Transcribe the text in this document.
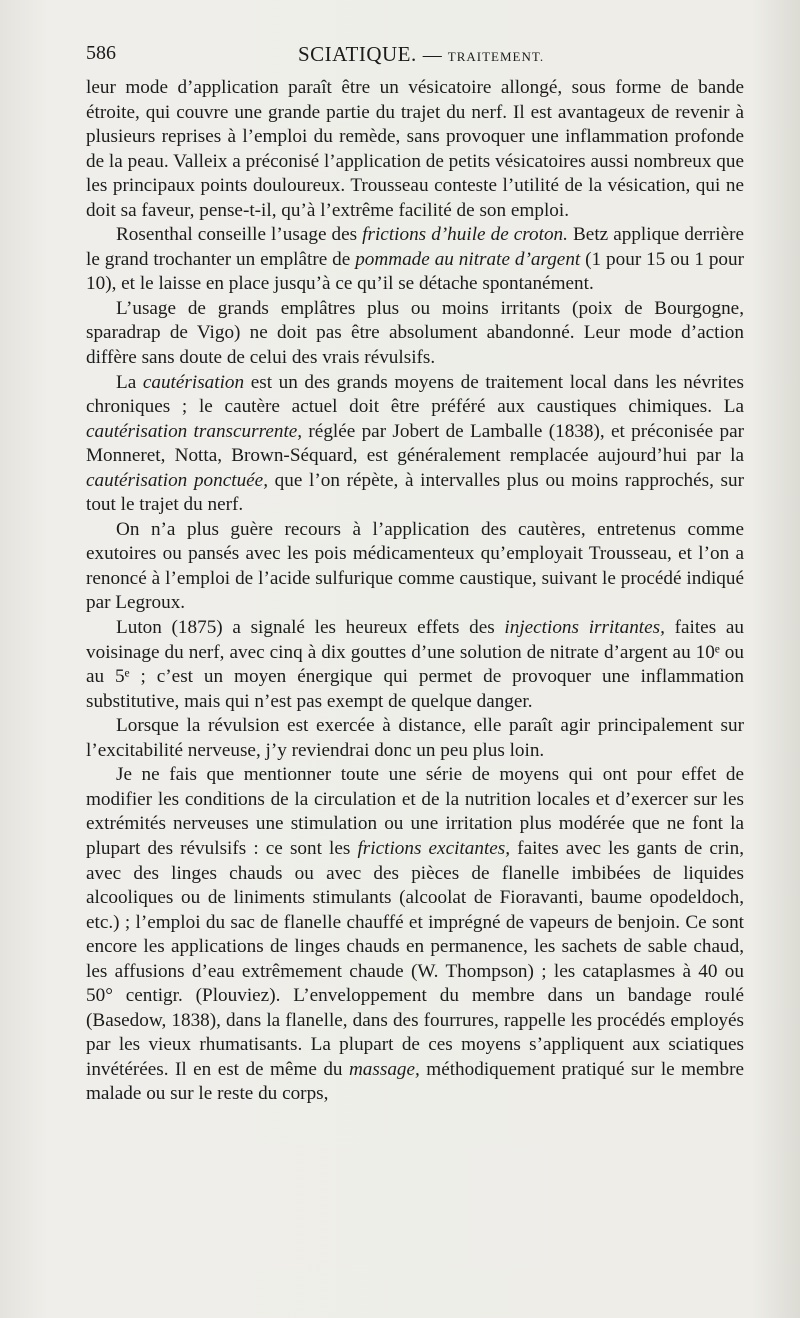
586	SCIATIQUE. — TRAITEMENT.

leur mode d’application paraît être un vésicatoire allongé, sous forme de bande étroite, qui couvre une grande partie du trajet du nerf. Il est avantageux de revenir à plusieurs reprises à l’emploi du remède, sans provoquer une inflammation profonde de la peau. Valleix a préconisé l’application de petits vésicatoires aussi nombreux que les principaux points douloureux. Trousseau conteste l’utilité de la vésication, qui ne doit sa faveur, pense-t-il, qu’à l’extrême facilité de son emploi.

Rosenthal conseille l’usage des frictions d’huile de croton. Betz applique derrière le grand trochanter un emplâtre de pommade au nitrate d’argent (1 pour 15 ou 1 pour 10), et le laisse en place jusqu’à ce qu’il se détache spontanément.

L’usage de grands emplâtres plus ou moins irritants (poix de Bourgogne, sparadrap de Vigo) ne doit pas être absolument abandonné. Leur mode d’action diffère sans doute de celui des vrais révulsifs.

La cautérisation est un des grands moyens de traitement local dans les névrites chroniques ; le cautère actuel doit être préféré aux caustiques chimiques. La cautérisation transcurrente, réglée par Jobert de Lamballe (1838), et préconisée par Monneret, Notta, Brown-Séquard, est généralement remplacée aujourd’hui par la cautérisation ponctuée, que l’on répète, à intervalles plus ou moins rapprochés, sur tout le trajet du nerf.

On n’a plus guère recours à l’application des cautères, entretenus comme exutoires ou pansés avec les pois médicamenteux qu’employait Trousseau, et l’on a renoncé à l’emploi de l’acide sulfurique comme caustique, suivant le procédé indiqué par Legroux.

Luton (1875) a signalé les heureux effets des injections irritantes, faites au voisinage du nerf, avec cinq à dix gouttes d’une solution de nitrate d’argent au 10ᵉ ou au 5ᵉ ; c’est un moyen énergique qui permet de provoquer une inflammation substitutive, mais qui n’est pas exempt de quelque danger.

Lorsque la révulsion est exercée à distance, elle paraît agir principalement sur l’excitabilité nerveuse, j’y reviendrai donc un peu plus loin.

Je ne fais que mentionner toute une série de moyens qui ont pour effet de modifier les conditions de la circulation et de la nutrition locales et d’exercer sur les extrémités nerveuses une stimulation ou une irritation plus modérée que ne font la plupart des révulsifs : ce sont les frictions excitantes, faites avec les gants de crin, avec des linges chauds ou avec des pièces de flanelle imbibées de liquides alcooliques ou de liniments stimulants (alcoolat de Fioravanti, baume opodeldoch, etc.) ; l’emploi du sac de flanelle chauffé et imprégné de vapeurs de benjoin. Ce sont encore les applications de linges chauds en permanence, les sachets de sable chaud, les affusions d’eau extrêmement chaude (W. Thompson) ; les cataplasmes à 40 ou 50° centigr. (Plouviez). L’enveloppement du membre dans un bandage roulé (Basedow, 1838), dans la flanelle, dans des fourrures, rappelle les procédés employés par les vieux rhumatisants. La plupart de ces moyens s’appliquent aux sciatiques invétérées. Il en est de même du massage, méthodiquement pratiqué sur le membre malade ou sur le reste du corps,
